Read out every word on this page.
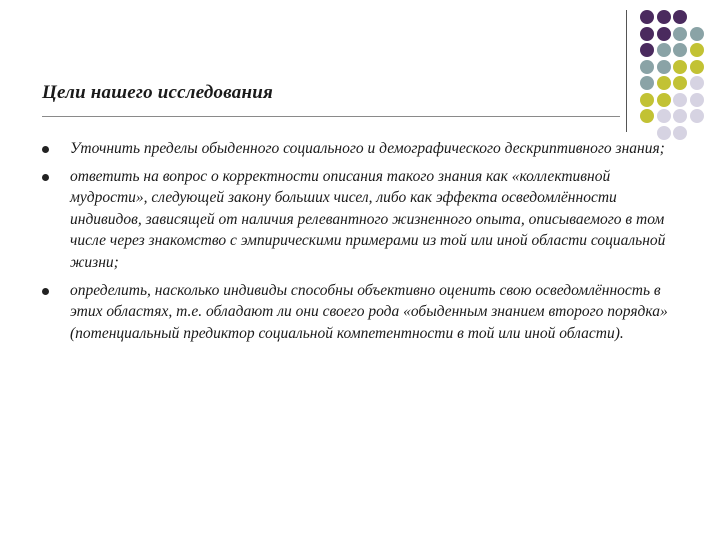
Цели нашего исследования
Уточнить пределы обыденного социального и демографического дескриптивного знания;
ответить на вопрос о корректности описания такого знания как «коллективной мудрости», следующей закону больших чисел, либо как эффекта осведомлённости индивидов, зависящей от наличия релевантного жизненного опыта, описываемого в том числе через знакомство с эмпирическими примерами из той или иной области социальной жизни;
определить, насколько индивиды способны объективно оценить свою осведомлённость в этих областях, т.е. обладают ли они своего рода «обыденным знанием второго порядка» (потенциальный предиктор социальной компетентности в той или иной области).
